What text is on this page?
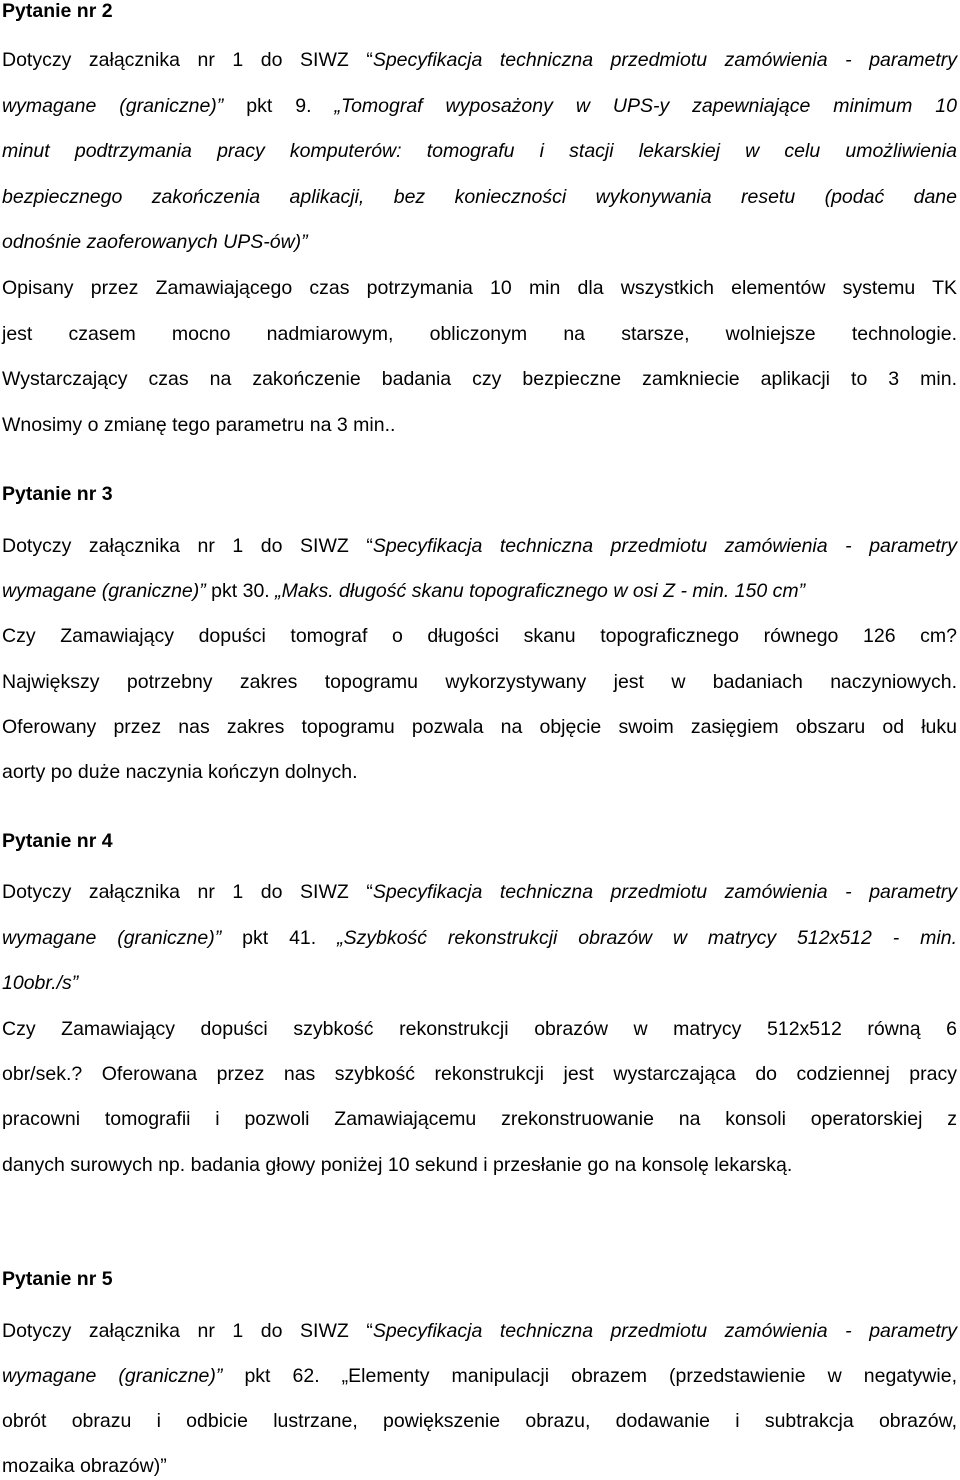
Pytanie nr 2
Dotyczy załącznika nr 1 do SIWZ “Specyfikacja techniczna przedmiotu zamówienia - parametry
wymagane (graniczne)” pkt 9. „Tomograf wyposażony w UPS-y zapewniające minimum 10
minut podtrzymania pracy komputerów: tomografu i stacji lekarskiej w celu umożliwienia
bezpiecznego zakończenia aplikacji, bez konieczności wykonywania resetu (podać dane
odnośnie zaoferowanych UPS-ów)”
Opisany przez Zamawiającego czas potrzymania 10 min dla wszystkich elementów systemu TK
jest czasem mocno nadmiarowym, obliczonym na starsze, wolniejsze technologie.
Wystarczający czas na zakończenie badania czy bezpieczne zamkniecie aplikacji to 3 min.
Wnosimy o zmianę tego parametru na 3 min..
Pytanie nr 3
Dotyczy załącznika nr 1 do SIWZ “Specyfikacja techniczna przedmiotu zamówienia - parametry
wymagane (graniczne)” pkt 30. „Maks. długość skanu topograficznego w osi Z - min. 150 cm”
Czy Zamawiający dopuści tomograf o długości skanu topograficznego równego 126 cm?
Największy potrzebny zakres topogramu wykorzystywany jest w badaniach naczyniowych.
Oferowany przez nas zakres topogramu pozwala na objęcie swoim zasięgiem obszaru od łuku
aorty po duże naczynia kończyn dolnych.
Pytanie nr 4
Dotyczy załącznika nr 1 do SIWZ “Specyfikacja techniczna przedmiotu zamówienia - parametry
wymagane (graniczne)” pkt 41. „Szybkość rekonstrukcji obrazów w matrycy 512x512 - min.
10obr./s”
Czy Zamawiający dopuści szybkość rekonstrukcji obrazów w matrycy 512x512 równą 6
obr/sek.? Oferowana przez nas szybkość rekonstrukcji jest wystarczająca do codziennej pracy
pracowni tomografii i pozwoli Zamawiającemu zrekonstruowanie na konsoli operatorskiej z
danych surowych np. badania głowy poniżej 10 sekund i przesłanie go na konsolę lekarską.
Pytanie nr 5
Dotyczy załącznika nr 1 do SIWZ “Specyfikacja techniczna przedmiotu zamówienia - parametry
wymagane (graniczne)” pkt 62. „Elementy manipulacji obrazem (przedstawienie w negatywie,
obrót obrazu i odbicie lustrzane, powiększenie obrazu, dodawanie i subtrakcja obrazów,
mozaika obrazów)”
